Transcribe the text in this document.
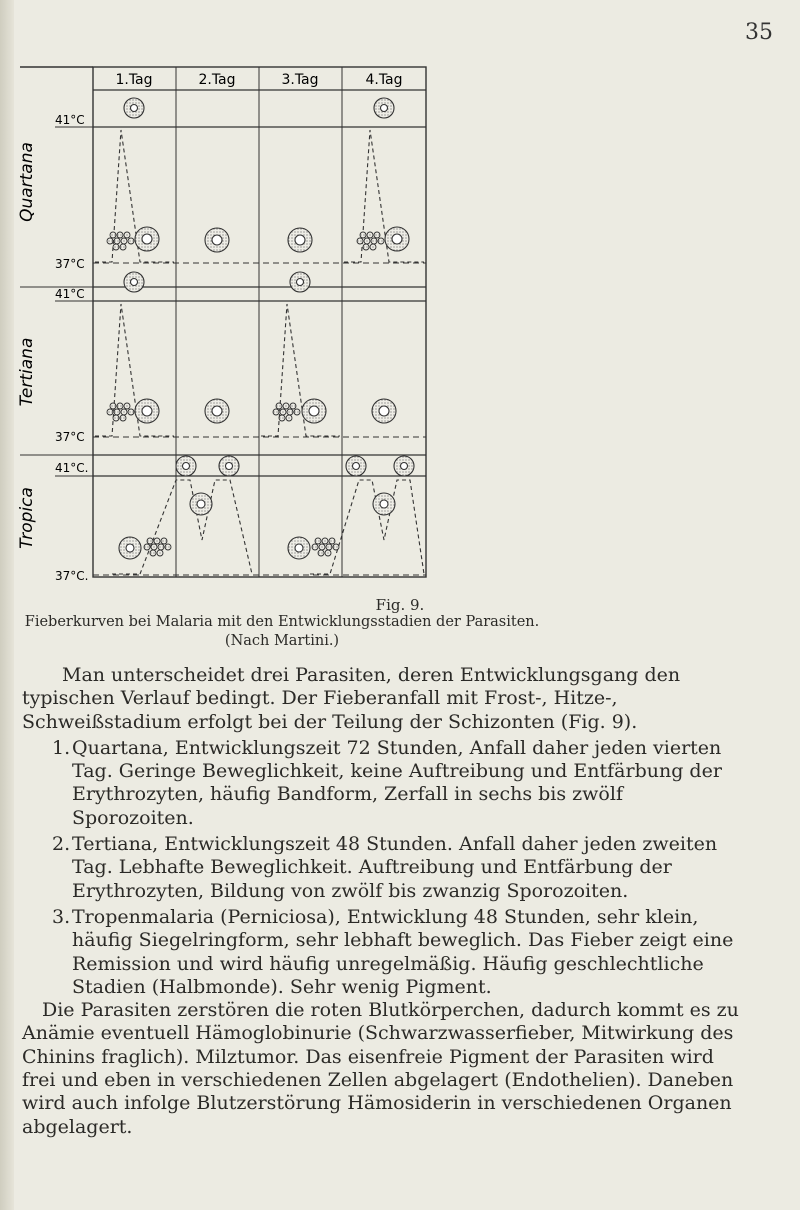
35
1.Tag	2.Tag	3.Tag	4.Tag
Quartana
Tertiana
Tropica
41°C
37°C
41°C
37°C
41°C.
37°C.
Fig. 9.
Fieberkurven bei Malaria mit den Entwicklungsstadien der Parasiten.
(Nach Martini.)

Man unterscheidet drei Parasiten, deren Entwicklungsgang den typischen Verlauf bedingt. Der Fieberanfall mit Frost-, Hitze-, Schweißstadium erfolgt bei der Teilung der Schizonten (Fig. 9).

1. Quartana, Entwicklungszeit 72 Stunden, Anfall daher jeden vierten Tag. Geringe Beweglichkeit, keine Auftreibung und Entfärbung der Erythrozyten, häufig Bandform, Zerfall in sechs bis zwölf Sporozoiten.

2. Tertiana, Entwicklungszeit 48 Stunden. Anfall daher jeden zweiten Tag. Lebhafte Beweglichkeit. Auftreibung und Entfärbung der Erythrozyten, Bildung von zwölf bis zwanzig Sporozoiten.

3. Tropenmalaria (Perniciosa), Entwicklung 48 Stunden, sehr klein, häufig Siegelringform, sehr lebhaft beweglich. Das Fieber zeigt eine Remission und wird häufig unregelmäßig. Häufig geschlechtliche Stadien (Halbmonde). Sehr wenig Pigment.

Die Parasiten zerstören die roten Blutkörperchen, dadurch kommt es zu Anämie eventuell Hämoglobinurie (Schwarzwasserfieber, Mitwirkung des Chinins fraglich). Milztumor. Das eisenfreie Pigment der Parasiten wird frei und eben in verschiedenen Zellen abgelagert (Endothelien). Daneben wird auch infolge Blutzerstörung Hämosiderin in verschiedenen Organen abgelagert.
